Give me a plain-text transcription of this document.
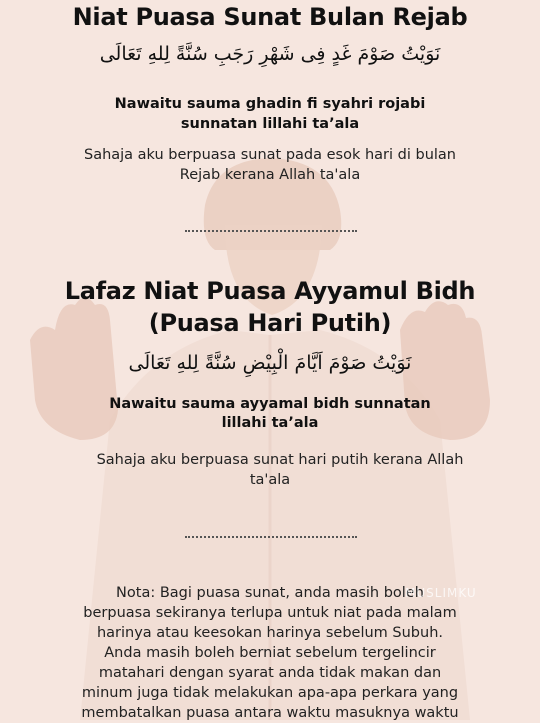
Niat Puasa Sunat Bulan Rejab
نَوَيْتُ صَوْمَ غَدٍ فِى شَهْرِ رَجَبِ سُنَّةً لِلهِ تَعَالَى
Nawaitu sauma ghadin fi syahri rojabi
sunnatan lillahi ta’ala
Sahaja aku berpuasa sunat pada esok hari di bulan
Rejab kerana Allah ta'ala
Lafaz Niat Puasa Ayyamul Bidh
(Puasa Hari Putih)
نَوَيْتُ صَوْمَ اَيَّامَ الْبِيْضِ سُنَّةً لِلهِ تَعَالَى
Nawaitu sauma ayyamal bidh sunnatan
lillahi ta’ala
Sahaja aku berpuasa sunat hari putih kerana Allah
ta'ala
Nota: Bagi puasa sunat, anda masih boleh
berpuasa sekiranya terlupa untuk niat pada malam
harinya atau keesokan harinya sebelum Subuh.
Anda masih boleh berniat sebelum tergelincir
matahari dengan syarat anda tidak makan dan
minum juga tidak melakukan apa-apa perkara yang
membatalkan puasa antara waktu masuknya waktu
MUSLIMKU
